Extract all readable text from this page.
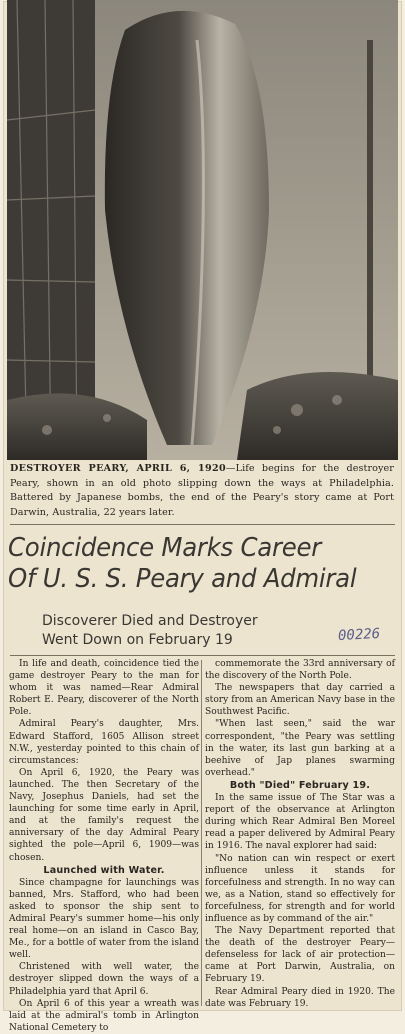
DESTROYER PEARY, APRIL 6, 1920—Life begins for the destroyer Peary, shown in an old photo slipping down the ways at Philadelphia. Battered by Japanese bombs, the end of the Peary's story came at Port Darwin, Australia, 22 years later.
Coincidence Marks Career
Of U. S. S. Peary and Admiral
Discoverer Died and Destroyer
Went Down on February 19	00226

In life and death, coincidence tied the game destroyer Peary to the man for whom it was named—Rear Admiral Robert E. Peary, discoverer of the North Pole.

Admiral Peary's daughter, Mrs. Edward Stafford, 1605 Allison street N.W., yesterday pointed to this chain of circumstances:

On April 6, 1920, the Peary was launched. The then Secretary of the Navy, Josephus Daniels, had set the launching for some time early in April, and at the family's request the anniversary of the day Admiral Peary sighted the pole—April 6, 1909—was chosen.

Launched with Water.

Since champagne for launchings was banned, Mrs. Stafford, who had been asked to sponsor the ship sent to Admiral Peary's summer home—his only real home—on an island in Casco Bay, Me., for a bottle of water from the island well.

Christened with well water, the destroyer slipped down the ways of a Philadelphia yard that April 6.

On April 6 of this year a wreath was laid at the admiral's tomb in Arlington National Cemetery to

commemorate the 33rd anniversary of the discovery of the North Pole.

The newspapers that day carried a story from an American Navy base in the Southwest Pacific.

"When last seen," said the war correspondent, "the Peary was settling in the water, its last gun barking at a beehive of Jap planes swarming overhead."

Both "Died" February 19.

In the same issue of The Star was a report of the observance at Arlington during which Rear Admiral Ben Moreel read a paper delivered by Admiral Peary in 1916. The naval explorer had said:

"No nation can win respect or exert influence unless it stands for forcefulness and strength. In no way can we, as a Nation, stand so effectively for forcefulness, for strength and for world influence as by command of the air."

The Navy Department reported that the death of the destroyer Peary—defenseless for lack of air protection—came at Port Darwin, Australia, on February 19.

Rear Admiral Peary died in 1920. The date was February 19.
